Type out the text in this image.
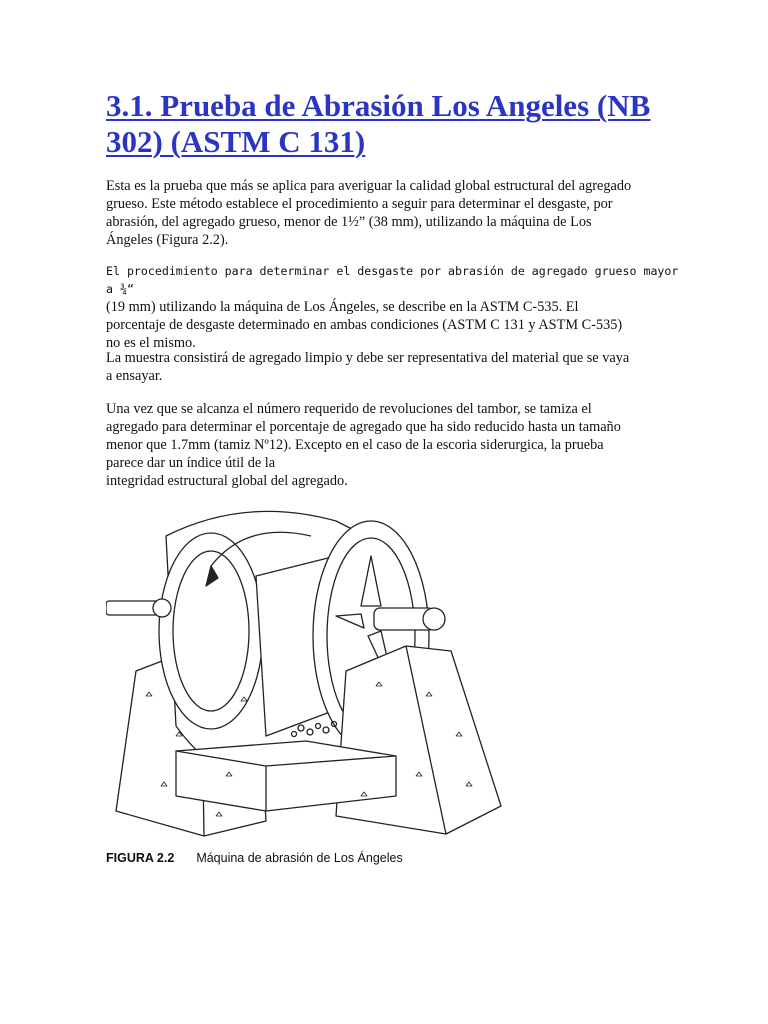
3.1. Prueba de Abrasión Los Angeles (NB
302) (ASTM C 131)
Esta es la prueba que más se aplica para averiguar la calidad global estructural del agregado
grueso. Este método establece el procedimiento a seguir para determinar el desgaste, por
abrasión, del agregado grueso, menor de 1½” (38 mm), utilizando la máquina de Los
Ángeles (Figura 2.2).
El procedimiento para determinar el desgaste por abrasión de agregado grueso mayor a ¾“
(19 mm) utilizando la máquina de Los Ángeles, se describe en la ASTM C-535. El
porcentaje de desgaste determinado en ambas condiciones (ASTM C 131 y ASTM C-535)
no es el mismo.
La muestra consistirá de agregado limpio y debe ser representativa del material que se vaya
a ensayar.
Una vez que se alcanza el número requerido de revoluciones del tambor, se tamiza el
agregado para determinar el porcentaje de agregado que ha sido reducido hasta un tamaño
menor que 1.7mm (tamiz Nº12). Excepto en el caso de la escoria siderurgica, la prueba
parece dar un índice útil de la
integridad estructural global del agregado.
FIGURA 2.2 Máquina de abrasión de Los Ángeles
